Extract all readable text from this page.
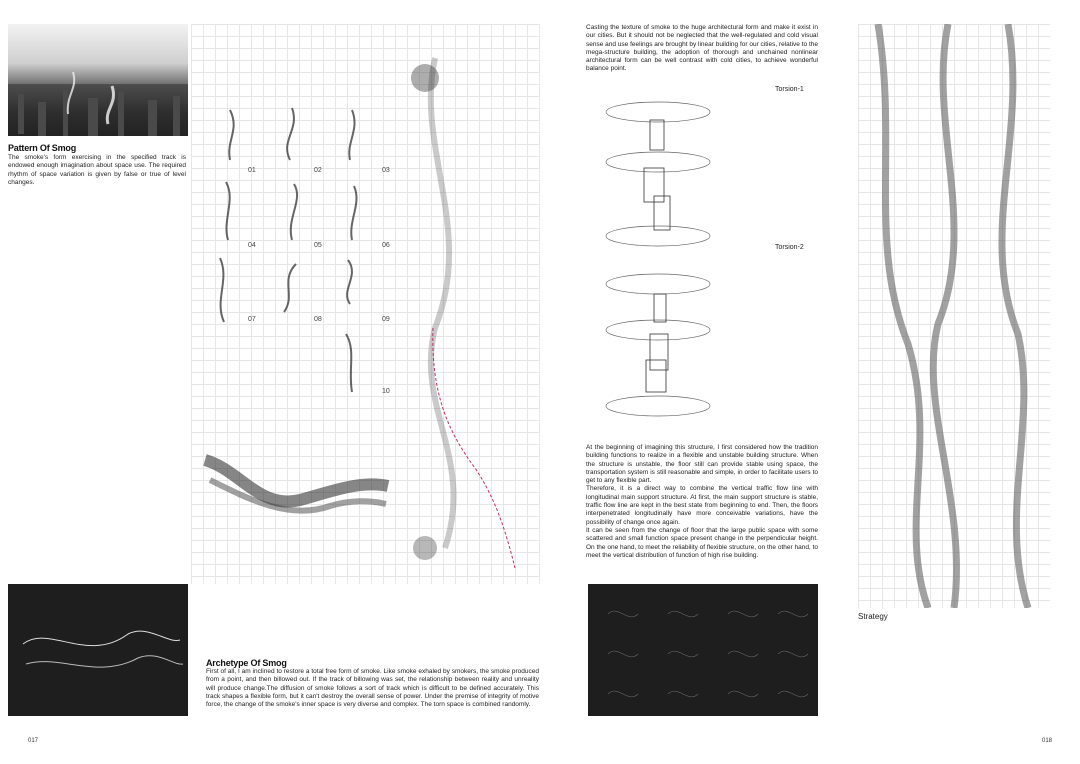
Pattern Of Smog
The smoke's form exercising in the specified track is endowed enough imagination about space use. The required rhythm of space variation is given by false or true of level changes.
01	02	03
04	05	06
07	08	09
10
Archetype Of Smog
First of all, I am inclined to restore a total free form of smoke. Like smoke exhaled by smokers, the smoke produced from a point, and then billowed out. If the track of billowing was set, the relationship between reality and unreality will produce change.The diffusion of smoke follows a sort of track which is difficult to be defined accurately. This track shapes a flexible form, but it can't destroy the overall sense of power. Under the premise of integrity of motive force, the change of the smoke's inner space is very diverse and complex. The torn space is combined randomly.
017
Casting the texture of smoke to the huge architectural form and make it exist in our cities. But it should not be neglected that the well-regulated and cold visual sense and use feelings are brought by linear building for our cities, relative to the mega-structure building, the adoption of thorough and unchained nonlinear architectural form can be well contrast with cold cities, to achieve wonderful balance point.
Torsion-1
Torsion-2
At the beginning of imagining this structure, I first considered how the tradition building functions to realize in a flexible and unstable building structure. When the structure is unstable, the floor still can provide stable using space, the transportation system is still reasonable and simple, in order to facilitate users to get to any flexible part.
Therefore, it is a direct way to combine the vertical traffic flow line with longitudinal main support structure. At first, the main support structure is stable, traffic flow line are kept in the best state from beginning to end. Then, the floors interpenetrated longitudinally have more conceivable variations, have the possibility of change once again.
It can be seen from the change of floor that the large public space with some scattered and small function space present change in the perpendicular height. On the one hand, to meet the reliability of flexible structure, on the other hand, to meet the vertical distribution of function of high rise building.
Strategy
018
